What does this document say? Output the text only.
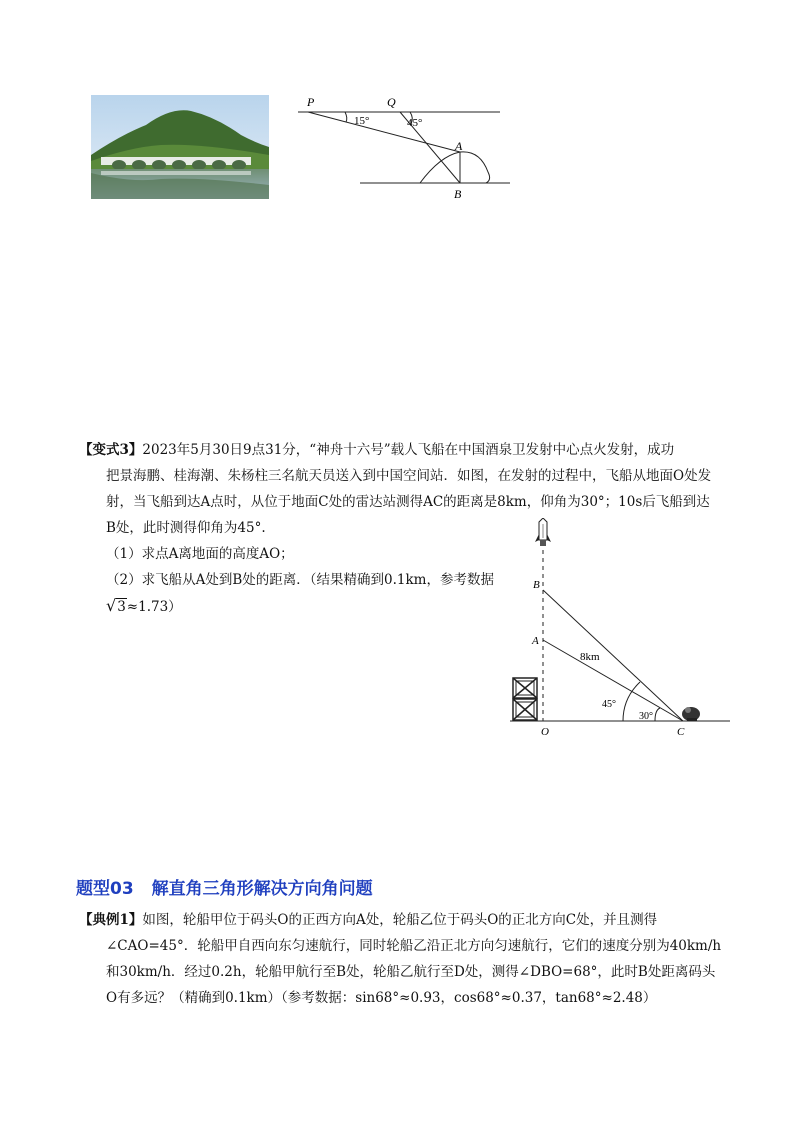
P	Q
15°	45°
A
B
【变式3】2023年5月30日9点31分，“神舟十六号”载人飞船在中国酒泉卫发射中心点火发射，成功
把景海鹏、桂海潮、朱杨柱三名航天员送入到中国空间站．如图，在发射的过程中，飞船从地面O处发
射，当飞船到达A点时，从位于地面C处的雷达站测得AC的距离是8km，仰角为30°；10s后飞船到达
B处，此时测得仰角为45°.
（1）求点A离地面的高度AO；
（2）求飞船从A处到B处的距离．（结果精确到0.1km，参考数据
√3≈1.73）
B
A
8km
45°
30°
O	C
题型03 解直角三角形解决方向角问题
【典例1】如图，轮船甲位于码头O的正西方向A处，轮船乙位于码头O的正北方向C处，并且测得
∠CAO=45°．轮船甲自西向东匀速航行，同时轮船乙沿正北方向匀速航行，它们的速度分别为40km/h
和30km/h．经过0.2h，轮船甲航行至B处，轮船乙航行至D处，测得∠DBO=68°，此时B处距离码头
O有多远？（精确到0.1km）（参考数据：sin68°≈0.93，cos68°≈0.37，tan68°≈2.48）
